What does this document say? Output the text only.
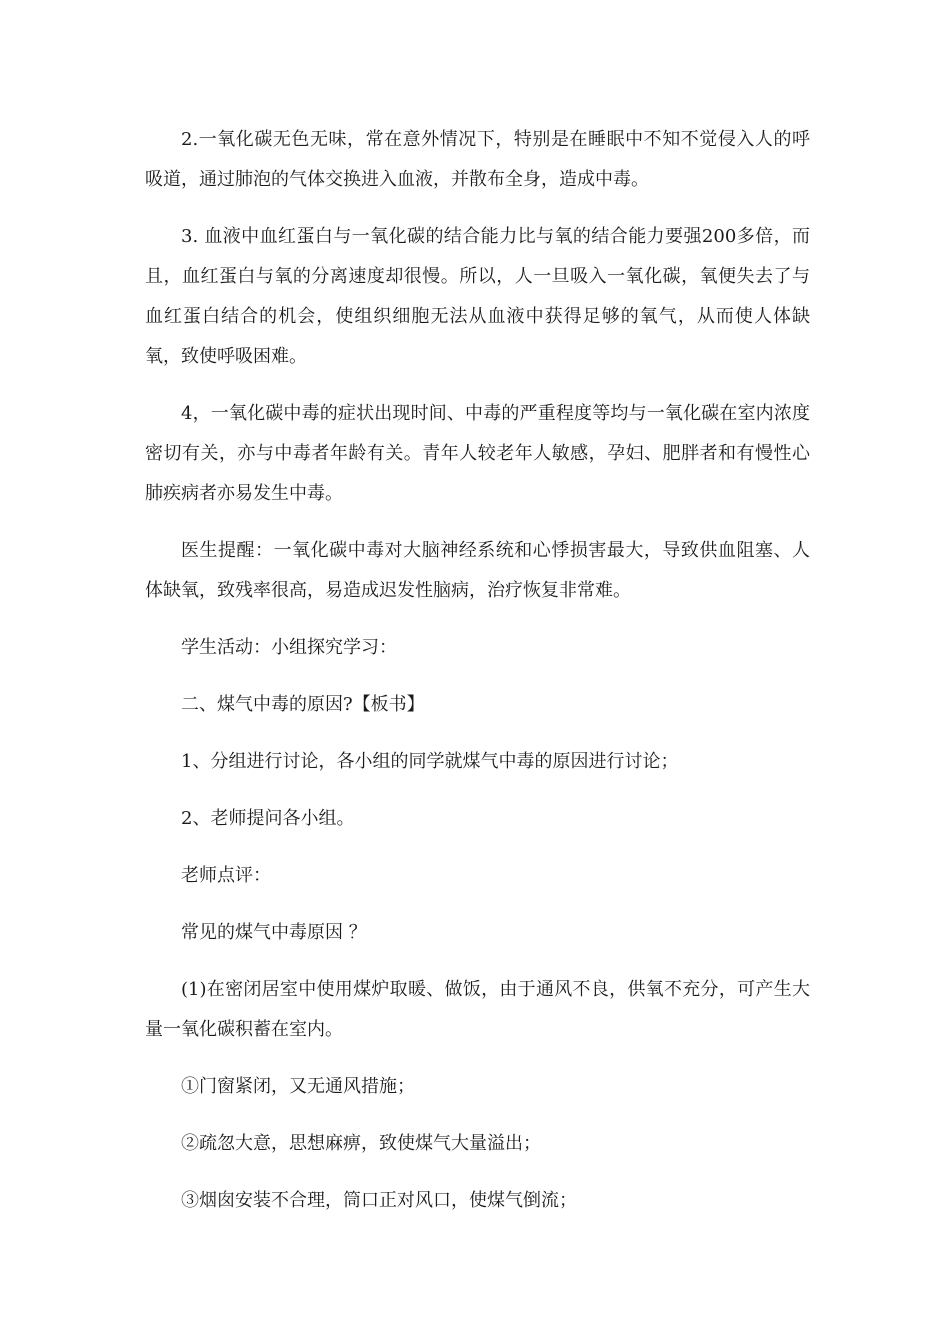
2.一氧化碳无色无味，常在意外情况下，特别是在睡眠中不知不觉侵入人的呼吸道，通过肺泡的气体交换进入血液，并散布全身，造成中毒。

3. 血液中血红蛋白与一氧化碳的结合能力比与氧的结合能力要强200多倍，而且，血红蛋白与氧的分离速度却很慢。所以，人一旦吸入一氧化碳，氧便失去了与血红蛋白结合的机会，使组织细胞无法从血液中获得足够的氧气，从而使人体缺氧，致使呼吸困难。

4，一氧化碳中毒的症状出现时间、中毒的严重程度等均与一氧化碳在室内浓度密切有关，亦与中毒者年龄有关。青年人较老年人敏感，孕妇、肥胖者和有慢性心肺疾病者亦易发生中毒。

医生提醒：一氧化碳中毒对大脑神经系统和心悸损害最大，导致供血阻塞、人体缺氧，致残率很高，易造成迟发性脑病，治疗恢复非常难。

学生活动：小组探究学习：

二、煤气中毒的原因?【板书】

1、分组进行讨论，各小组的同学就煤气中毒的原因进行讨论；

2、老师提问各小组。

老师点评：

常见的煤气中毒原因 ？

(1)在密闭居室中使用煤炉取暖、做饭，由于通风不良，供氧不充分，可产生大量一氧化碳积蓄在室内。

①门窗紧闭，又无通风措施；

②疏忽大意，思想麻痹，致使煤气大量溢出；

③烟囱安装不合理，筒口正对风口，使煤气倒流；
